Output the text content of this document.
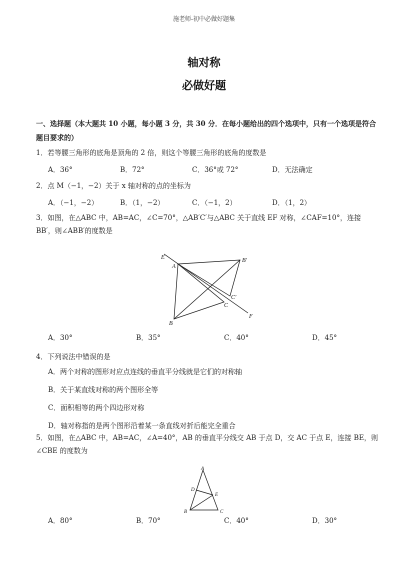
施老师-初中必做好题集
轴对称
必做好题
一、选择题（本大题共 10 小题，每小题 3 分，共 30 分．在每小题给出的四个选项中，只有一个选项是符合题目要求的）
1．若等腰三角形的底角是顶角的 2 倍，则这个等腰三角形的底角的度数是
A．36°	B．72°	C．36°或 72°	D．无法确定
2．点 M（−1，−2）关于 x 轴对称的点的坐标为
A．（−1，−2）	B．（1，−2）	C．（−1，2）	D．（1，2）
3．如图，在△ABC 中，AB=AC，∠C=70°，△AB′C′与△ABC 关于直线 EF 对称，∠CAF=10°，连接 BB′，则∠ABB′的度数是
E
A
B′
C′
C
B
F
A．30°	B．35°	C．40°	D．45°
4．下列说法中错误的是
A．两个对称的图形对应点连线的垂直平分线就是它们的对称轴
B．关于某直线对称的两个图形全等
C．面积相等的两个四边形对称
D．轴对称指的是两个图形沿着某一条直线对折后能完全重合
5．如图，在△ABC 中，AB=AC，∠A=40°，AB 的垂直平分线交 AB 于点 D，交 AC 于点 E，连接 BE，则∠CBE 的度数为
A
D
E
B	C
A．80°	B．70°	C．40°	D．30°
